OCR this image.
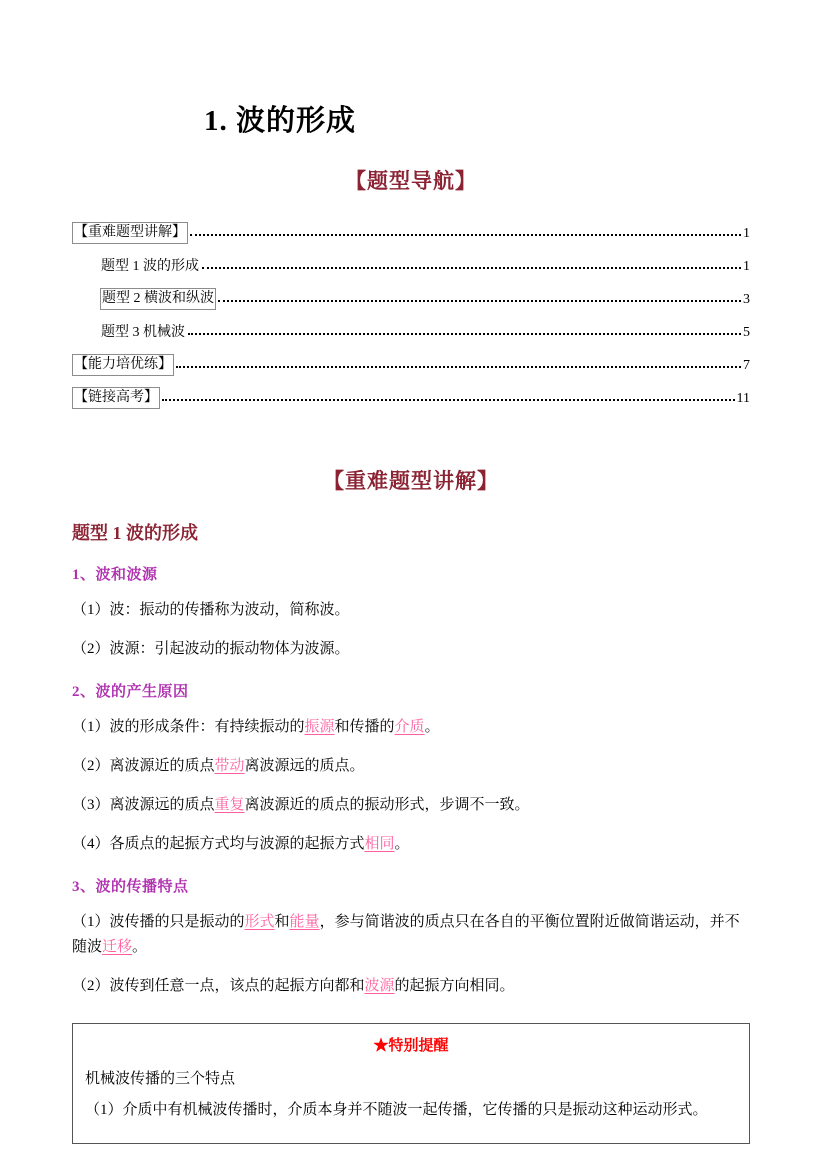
1. 波的形成
【题型导航】
【重难题型讲解】	1
题型 1 波的形成	1
题型 2 横波和纵波	3
题型 3 机械波	5
【能力培优练】	7
【链接高考】	11
【重难题型讲解】
题型 1 波的形成
1、波和波源

（1）波：振动的传播称为波动，简称波。

（2）波源：引起波动的振动物体为波源。

2、波的产生原因

（1）波的形成条件：有持续振动的振源和传播的介质。

（2）离波源近的质点带动离波源远的质点。

（3）离波源远的质点重复离波源近的质点的振动形式，步调不一致。

（4）各质点的起振方式均与波源的起振方式相同。

3、波的传播特点

（1）波传播的只是振动的形式和能量，参与简谐波的质点只在各自的平衡位置附近做简谐运动，并不随波迁移。

（2）波传到任意一点，该点的起振方向都和波源的起振方向相同。

★特别提醒

机械波传播的三个特点

（1）介质中有机械波传播时，介质本身并不随波一起传播，它传播的只是振动这种运动形式。
